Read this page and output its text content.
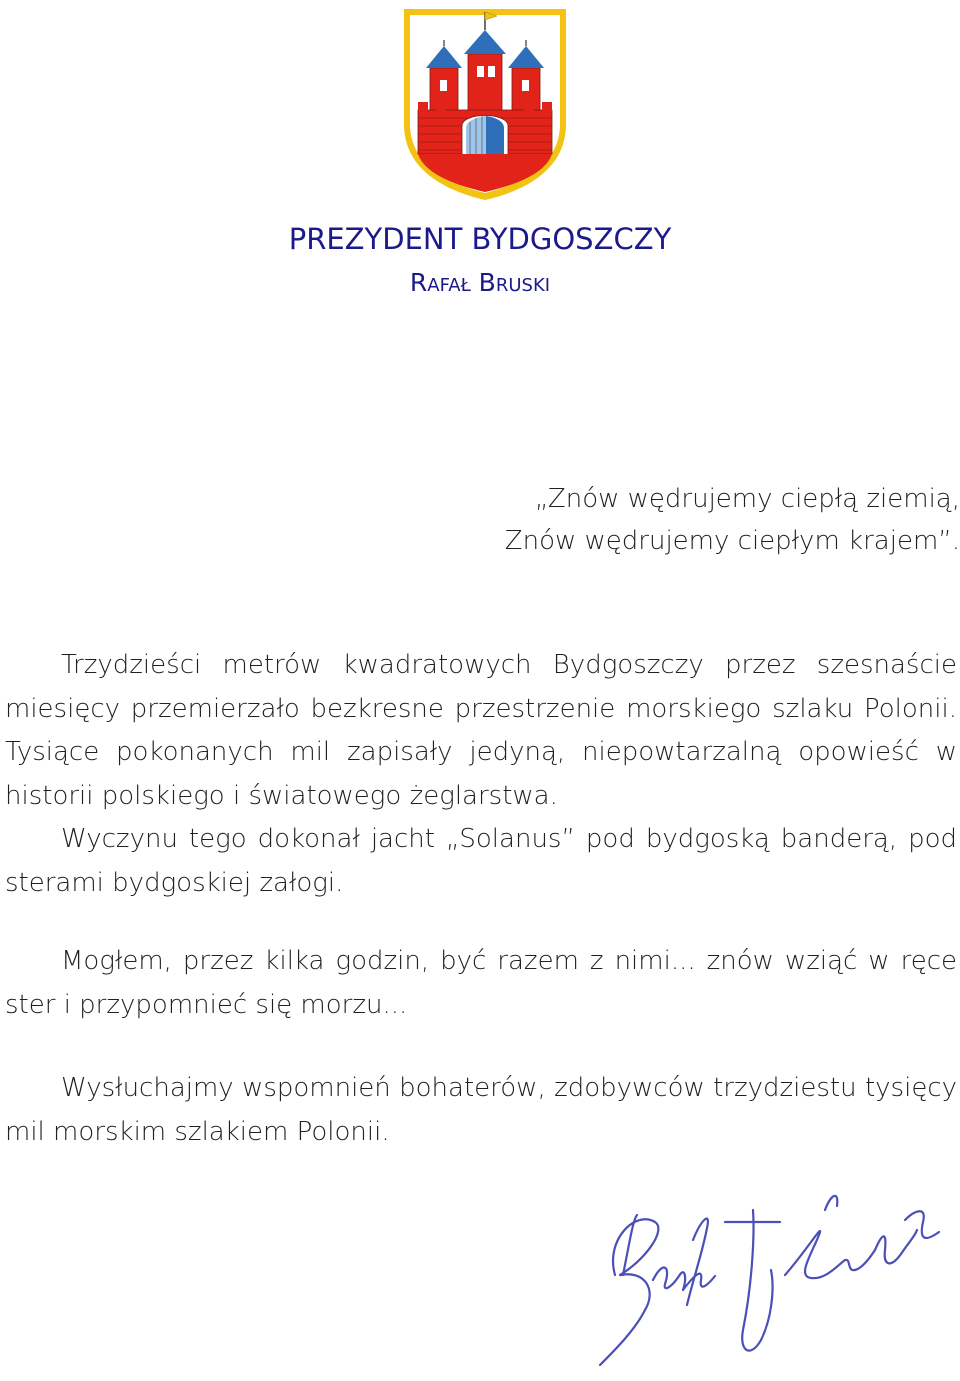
PREZYDENT BYDGOSZCZY
Rafał Bruski
„Znów wędrujemy ciepłą ziemią,
Znów wędrujemy ciepłym krajem”.

Trzydzieści metrów kwadratowych Bydgoszczy przez szesnaście miesięcy przemierzało bezkresne przestrzenie morskiego szlaku Polonii. Tysiące pokonanych mil zapisały jedyną, niepowtarzalną opowieść w historii polskiego i światowego żeglarstwa.

Wyczynu tego dokonał jacht „Solanus” pod bydgoską banderą, pod sterami bydgoskiej załogi.

Mogłem, przez kilka godzin, być razem z nimi... znów wziąć w ręce ster i przypomnieć się morzu...

Wysłuchajmy wspomnień bohaterów, zdobywców trzydziestu tysięcy mil morskim szlakiem Polonii.
